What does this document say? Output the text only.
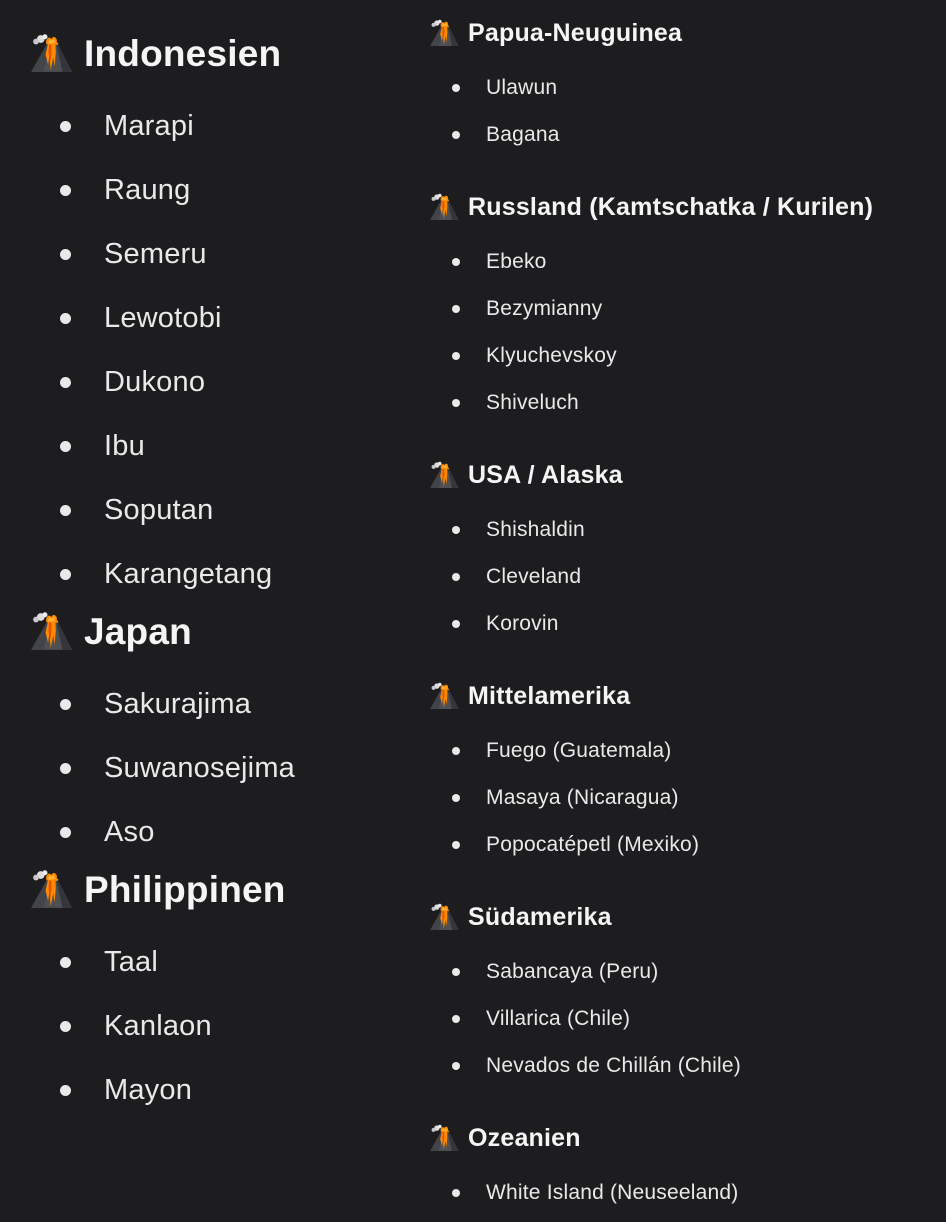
Indonesien
Marapi
Raung
Semeru
Lewotobi
Dukono
Ibu
Soputan
Karangetang
Japan
Sakurajima
Suwanosejima
Aso
Philippinen
Taal
Kanlaon
Mayon
Papua-Neuguinea
Ulawun
Bagana
Russland (Kamtschatka / Kurilen)
Ebeko
Bezymianny
Klyuchevskoy
Shiveluch
USA / Alaska
Shishaldin
Cleveland
Korovin
Mittelamerika
Fuego (Guatemala)
Masaya (Nicaragua)
Popocatépetl (Mexiko)
Südamerika
Sabancaya (Peru)
Villarica (Chile)
Nevados de Chillán (Chile)
Ozeanien
White Island (Neuseeland)
